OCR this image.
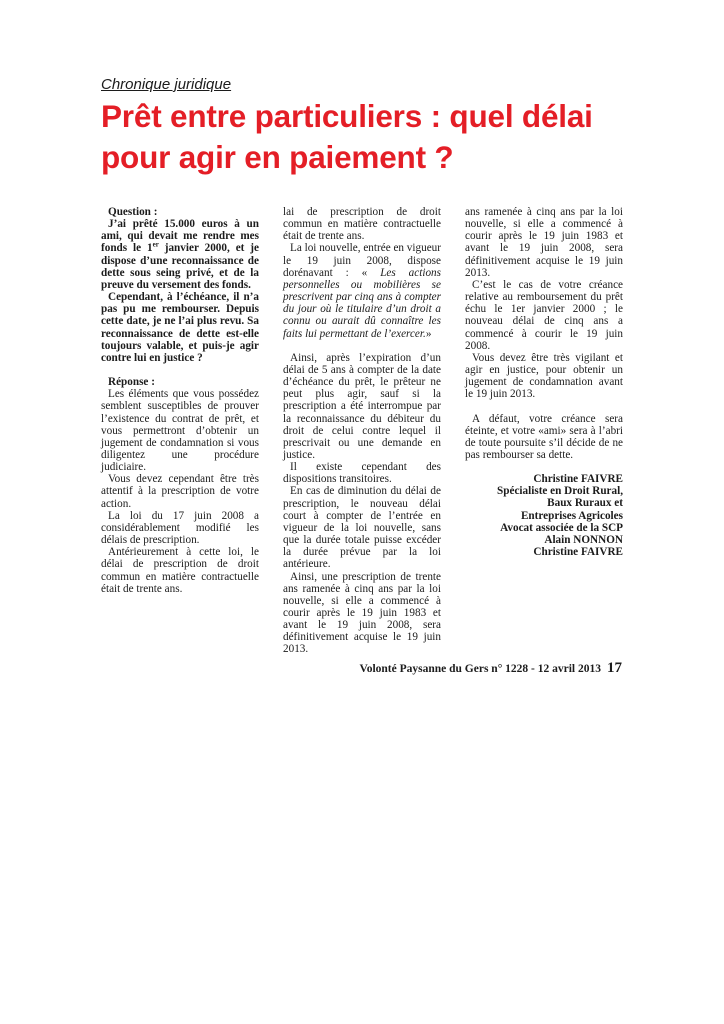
Chronique juridique

Prêt entre particuliers : quel délai pour agir en paiement ?

Question :

J’ai prêté 15.000 euros à un ami, qui devait me rendre mes fonds le 1er janvier 2000, et je dispose d’une reconnaissance de dette sous seing privé, et de la preuve du versement des fonds.

Cependant, à l’échéance, il n’a pas pu me rembourser. Depuis cette date, je ne l’ai plus revu. Sa reconnaissance de dette est-elle toujours valable, et puis-je agir contre lui en justice ?

Réponse :

Les éléments que vous possédez semblent susceptibles de prouver l’existence du contrat de prêt, et vous permettront d’obtenir un jugement de condamnation si vous diligentez une procédure judiciaire.

Vous devez cependant être très attentif à la prescription de votre action.

La loi du 17 juin 2008 a considérablement modifié les délais de prescription.

Antérieurement à cette loi, le délai de prescription de droit commun en matière contractuelle était de trente ans.

lai de prescription de droit commun en matière contractuelle était de trente ans.

La loi nouvelle, entrée en vigueur le 19 juin 2008, dispose dorénavant : « Les actions personnelles ou mobilières se prescrivent par cinq ans à compter du jour où le titulaire d’un droit a connu ou aurait dû connaître les faits lui permettant de l’exercer.»

Ainsi, après l’expiration d’un délai de 5 ans à compter de la date d’échéance du prêt, le prêteur ne peut plus agir, sauf si la prescription a été interrompue par la reconnaissance du débiteur du droit de celui contre lequel il prescrivait ou une demande en justice.

Il existe cependant des dispositions transitoires.

En cas de diminution du délai de prescription, le nouveau délai court à compter de l’entrée en vigueur de la loi nouvelle, sans que la durée totale puisse excéder la durée prévue par la loi antérieure.

Ainsi, une prescription de trente ans ramenée à cinq ans par la loi nouvelle, si elle a commencé à courir après le 19 juin 1983 et avant le 19 juin 2008, sera définitivement acquise le 19 juin 2013.

ans ramenée à cinq ans par la loi nouvelle, si elle a commencé à courir après le 19 juin 1983 et avant le 19 juin 2008, sera définitivement acquise le 19 juin 2013.

C’est le cas de votre créance relative au remboursement du prêt échu le 1er janvier 2000 ; le nouveau délai de cinq ans a commencé à courir le 19 juin 2008.

Vous devez être très vigilant et agir en justice, pour obtenir un jugement de condamnation avant le 19 juin 2013.

A défaut, votre créance sera éteinte, et votre «ami» sera à l’abri de toute poursuite s’il décide de ne pas rembourser sa dette.

Christine FAIVRE

Spécialiste en Droit Rural,

Baux Ruraux et

Entreprises Agricoles

Avocat associée de la SCP

Alain NONNON

Christine FAIVRE

Volonté Paysanne du Gers n° 1228 - 12 avril 2013 17
